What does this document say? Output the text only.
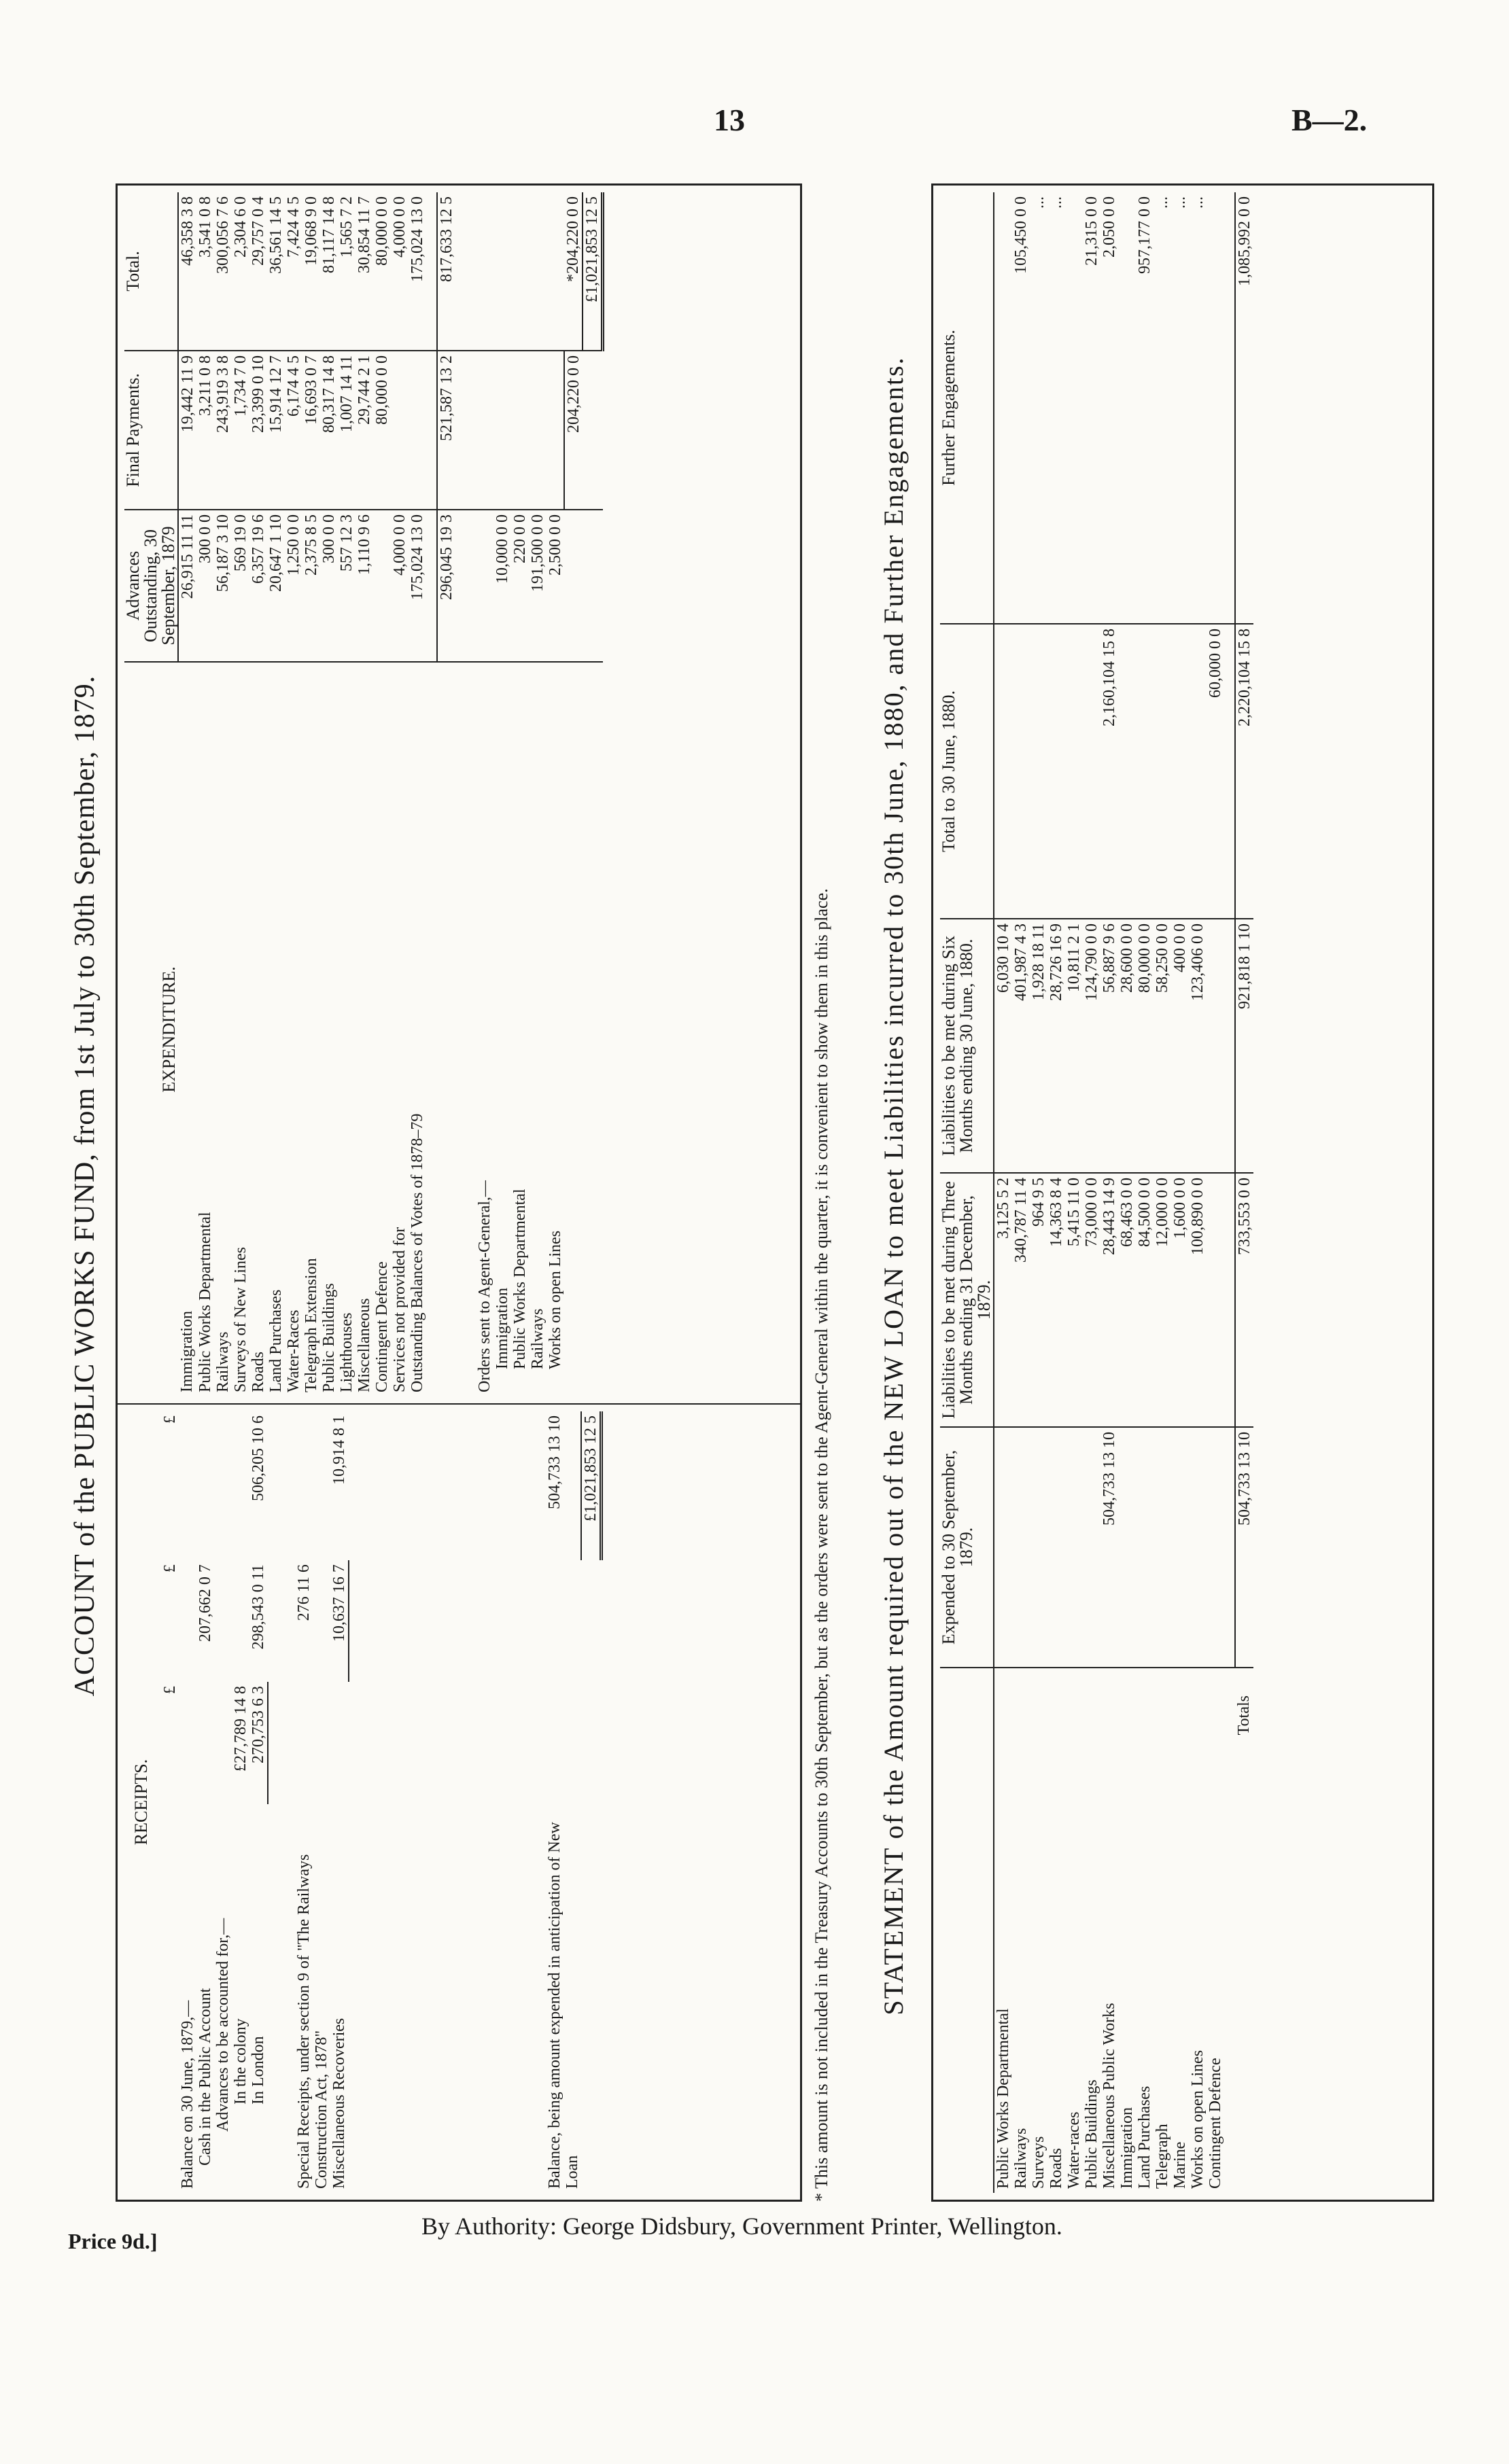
13	B—2.
Price 9d.]
By Authority: George Didsbury, Government Printer, Wellington.
ACCOUNT of the PUBLIC WORKS FUND, from 1st July to 30th September, 1879.
RECEIPTS.
	£	£	£
Balance on 30 June, 1879,—			
Cash in the Public Account		207,662 0 7	
Advances to be accounted for,—			
In the colony	£27,789 14 8		
In London	270,753 6 3	298,543 0 11	506,205 10 6

Special Receipts, under section 9 of "The Railways Construction Act, 1878"		276 11 6	
Miscellaneous Recoveries		10,637 16 7	10,914 8 1

Balance, being amount expended in anticipation of New Loan			504,733 13 10
			£1,021,853 12 5
EXPENDITURE.	Advances Outstanding, 30 September, 1879	Final Payments.	Total.
Immigration	26,915 11 11	19,442 11 9	46,358 3 8
Public Works Departmental	300 0 0	3,211 0 8	3,541 0 8
Railways	56,187 3 10	243,919 3 8	300,056 7 6
Surveys of New Lines	569 19 0	1,734 7 0	2,304 6 0
Roads	6,357 19 6	23,399 0 10	29,757 0 4
Land Purchases	20,647 1 10	15,914 12 7	36,561 14 5
Water-Races	1,250 0 0	6,174 4 5	7,424 4 5
Telegraph Extension	2,375 8 5	16,693 0 7	19,068 9 0
Public Buildings	300 0 0	80,317 14 8	81,117 14 8
Lighthouses	557 12 3	1,007 14 11	1,565 7 2
Miscellaneous	1,110 9 6	29,744 2 1	30,854 11 7
Contingent Defence		80,000 0 0	80,000 0 0
Services not provided for	4,000 0 0		4,000 0 0
Outstanding Balances of Votes of 1878–79	175,024 13 0		175,024 13 0

	296,045 19 3	521,587 13 2	817,633 12 5

Orders sent to Agent-General,—			
Immigration	10,000 0 0		
Public Works Departmental	220 0 0		
Railways	191,500 0 0		
Works on open Lines	2,500 0 0		
		204,220 0 0	*204,220 0 0
			£1,021,853 12 5
* This amount is not included in the Treasury Accounts to 30th September, but as the orders were sent to the Agent-General within the quarter, it is convenient to show them in this place.	STATEMENT of the Amount required out of the NEW LOAN to meet Liabilities incurred to 30th June, 1880, and Further Engagements.
		Expended to 30 September, 1879.	Liabilities to be met during Three Months ending 31 December, 1879.	Liabilities to be met during Six Months ending 30 June, 1880.	Total to 30 June, 1880.	Further Engagements.
Public Works Departmental		3,125 5 2	6,030 10 4		
Railways		340,787 11 4	401,987 4 3		105,450 0 0
Surveys		964 9 5	1,928 18 11		...
Roads		14,363 8 4	28,726 16 9		...
Water-races		5,415 11 0	10,811 2 1		
Public Buildings		73,000 0 0	124,790 0 0		21,315 0 0
Miscellaneous Public Works	504,733 13 10	28,443 14 9	56,887 9 6	2,160,104 15 8	2,050 0 0
Immigration		68,463 0 0	28,600 0 0		
Land Purchases		84,500 0 0	80,000 0 0		957,177 0 0
Telegraph		12,000 0 0	58,250 0 0		...
Marine		1,600 0 0	400 0 0		...
Works on open Lines		100,890 0 0	123,406 0 0		...
Contingent Defence				60,000 0 0	

Totals	504,733 13 10	733,553 0 0	921,818 1 10	2,220,104 15 8	1,085,992 0 0
